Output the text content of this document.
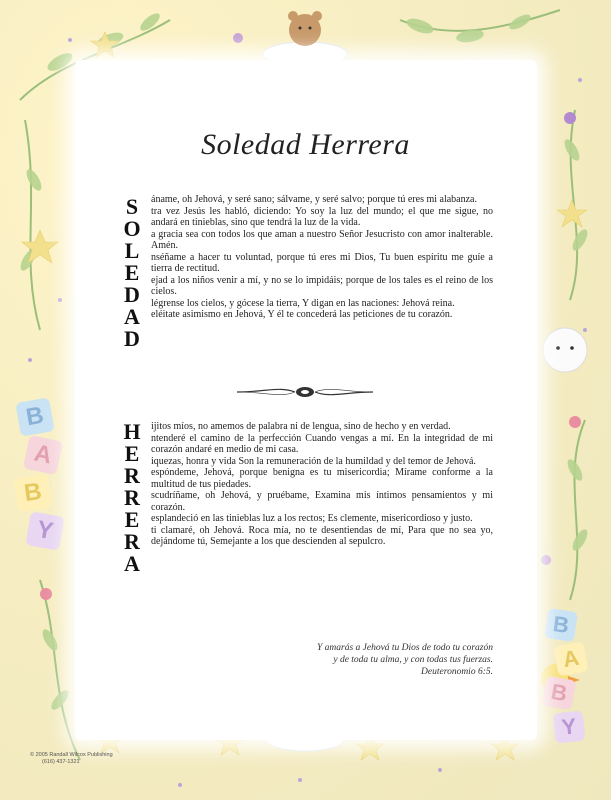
B
A
B
Y
B
A
B
Y
Soledad Herrera
S
O
L
E
D
A
D
áname, oh Jehová, y seré sano; sálvame, y seré salvo; porque tú eres mi alabanza.
tra vez Jesús les habló, diciendo: Yo soy la luz del mundo; el que me sigue, no andará en tinieblas, sino que tendrá la luz de la vida.
a gracia sea con todos los que aman a nuestro Señor Jesucristo con amor inalterable. Amén.
nséñame a hacer tu voluntad, porque tú eres mi Dios, Tu buen espíritu me guíe a tierra de rectitud.
ejad a los niños venir a mí, y no se lo impidáis; porque de los tales es el reino de los cielos.
légrense los cielos, y gócese la tierra, Y digan en las naciones: Jehová reina.
eléitate asimismo en Jehová, Y él te concederá las peticiones de tu corazón.
H
E
R
R
E
R
A
ijitos míos, no amemos de palabra ni de lengua, sino de hecho y en verdad.
ntenderé el camino de la perfección Cuando vengas a mí. En la integridad de mi corazón andaré en medio de mi casa.
iquezas, honra y vida Son la remuneración de la humildad y del temor de Jehová.
espóndeme, Jehová, porque benigna es tu misericordia; Mírame conforme a la multitud de tus piedades.
scudríñame, oh Jehová, y pruébame, Examina mis íntimos pensamientos y mi corazón.
esplandeció en las tinieblas luz a los rectos; Es clemente, misericordioso y justo.
ti clamaré, oh Jehová. Roca mía, no te desentiendas de mí, Para que no sea yo, dejándome tú, Semejante a los que descienden al sepulcro.
Y amarás a Jehová tu Dios de todo tu corazón
y de toda tu alma, y con todas tus fuerzas.
Deuteronomio 6:5.
© 2005 Randall Wilcox Publishing
(616) 437-1321
